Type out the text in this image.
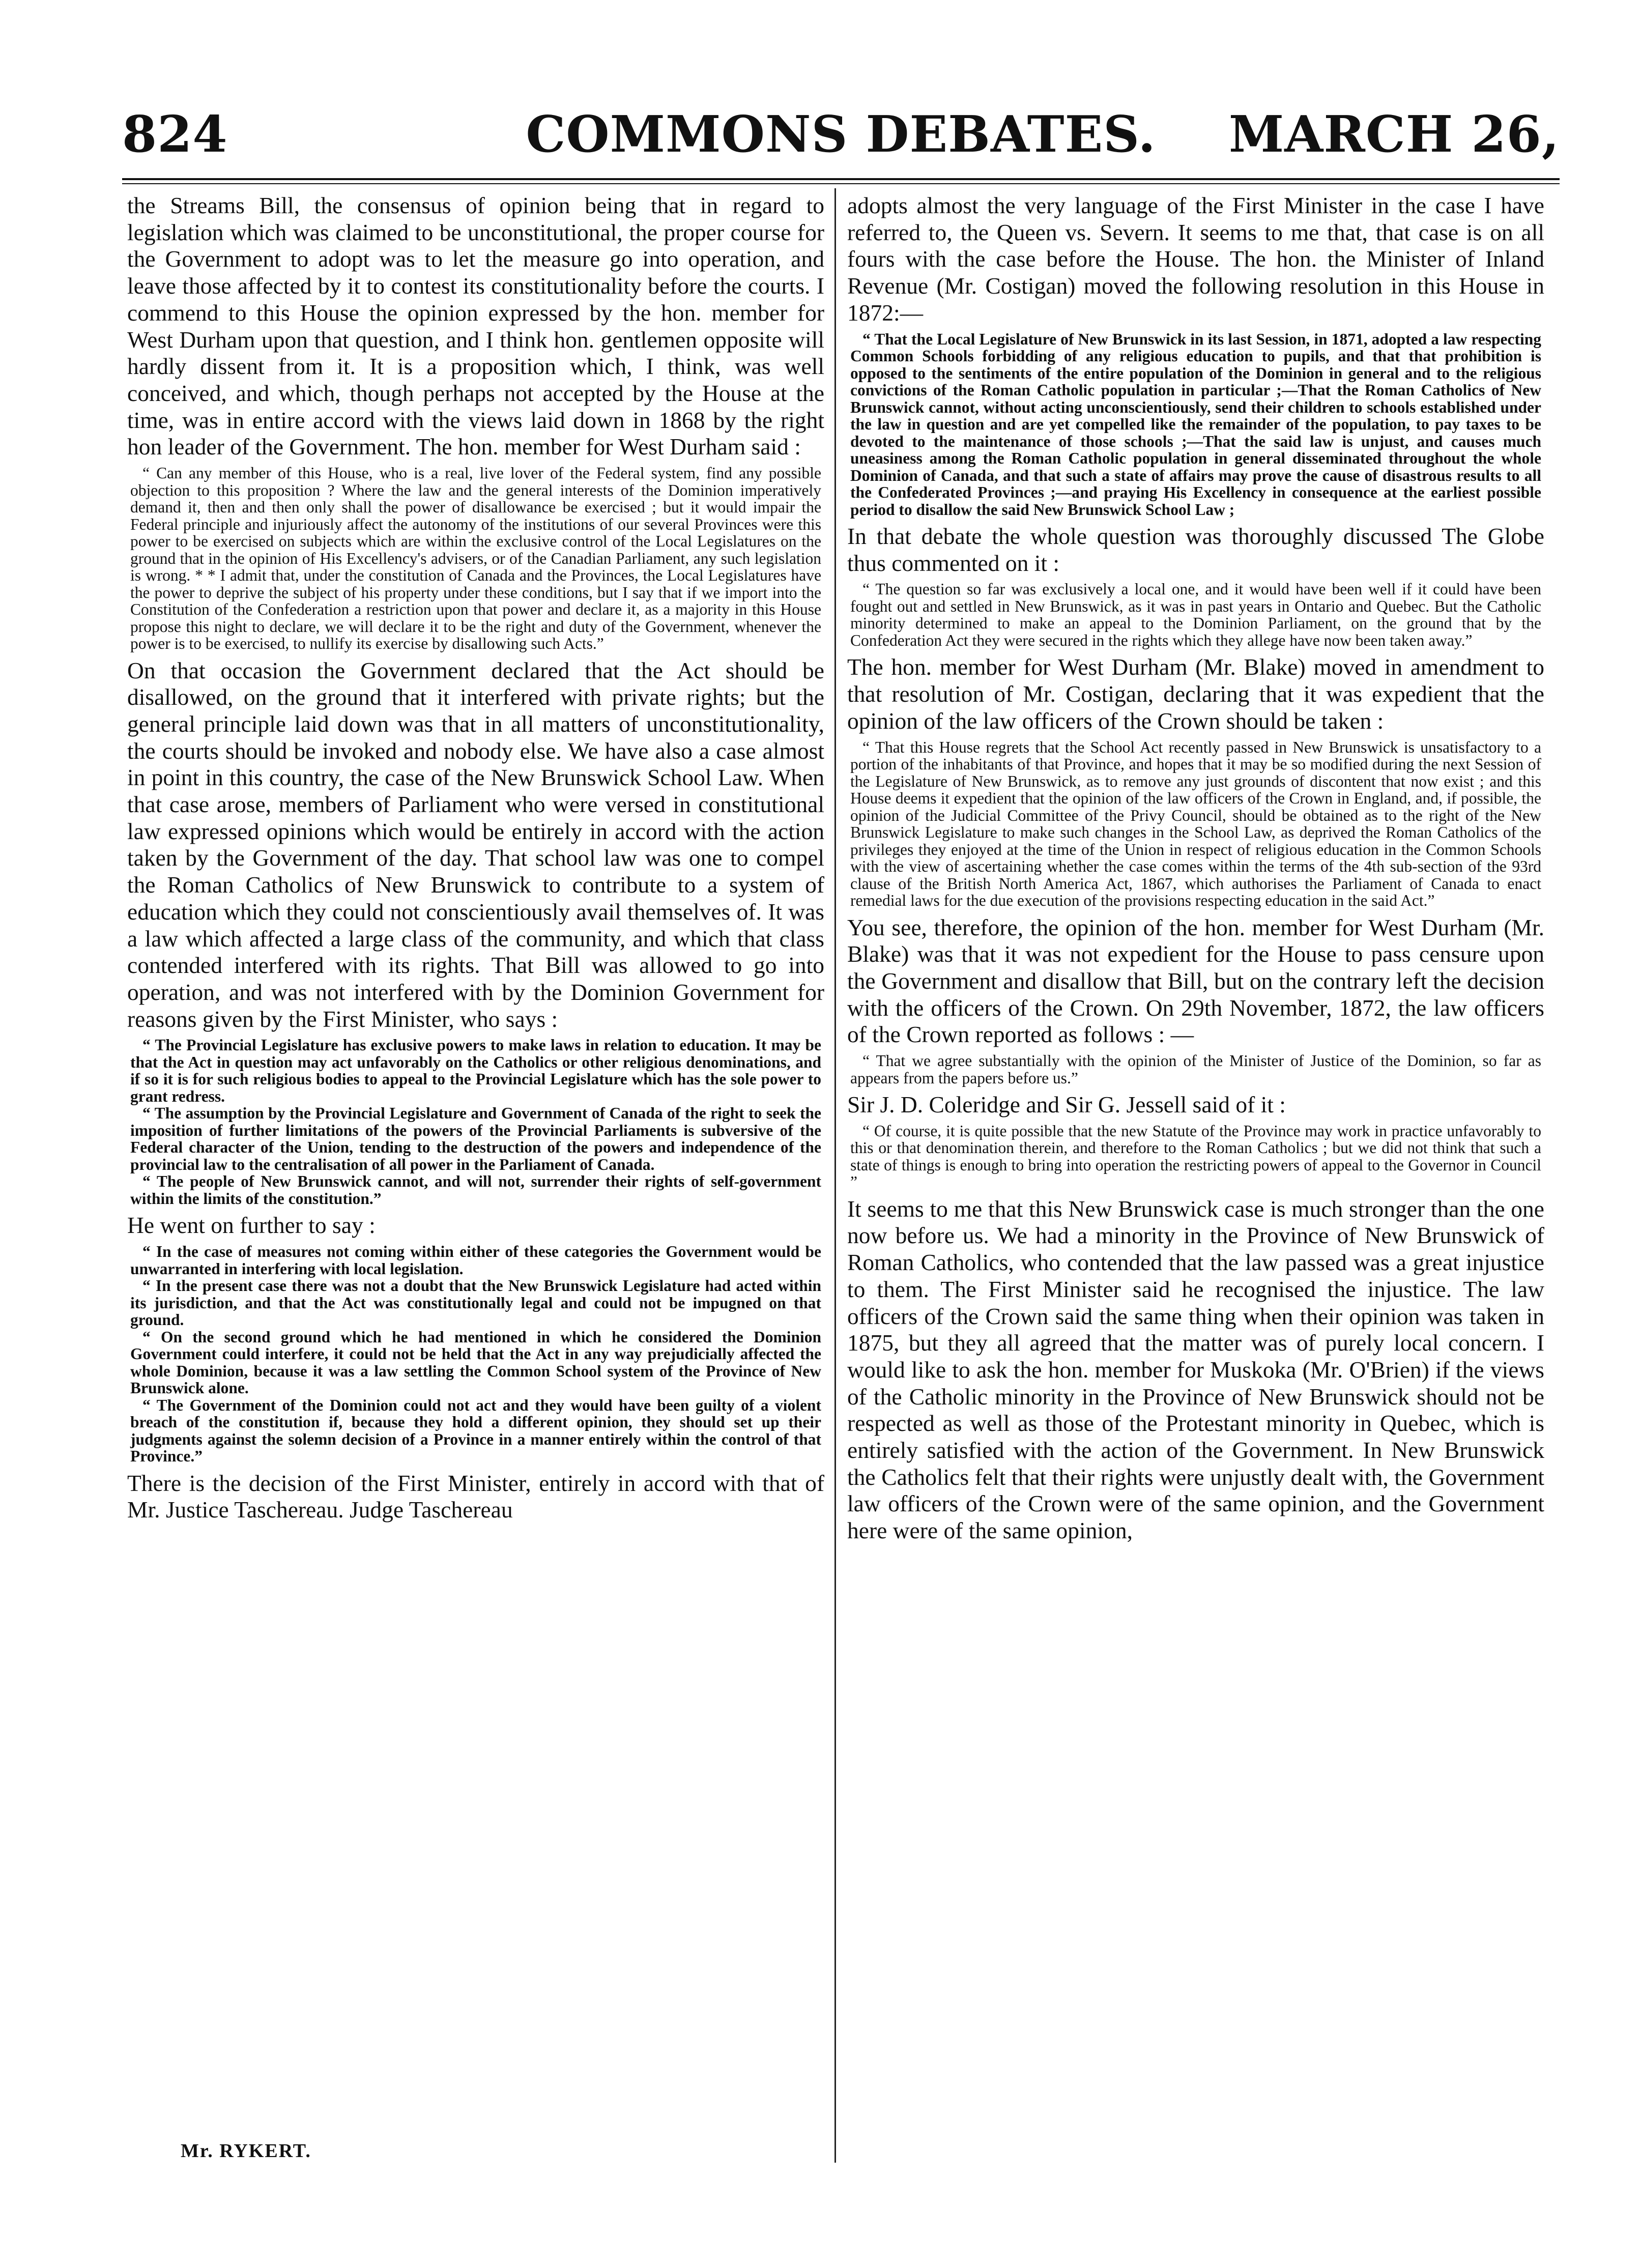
824	COMMONS DEBATES.	MARCH 26,

the Streams Bill, the consensus of opinion being that in regard to legislation which was claimed to be unconstitutional, the proper course for the Government to adopt was to let the measure go into operation, and leave those affected by it to contest its constitutionality before the courts. I commend to this House the opinion expressed by the hon. member for West Durham upon that question, and I think hon. gentlemen opposite will hardly dissent from it. It is a proposition which, I think, was well conceived, and which, though perhaps not accepted by the House at the time, was in entire accord with the views laid down in 1868 by the right hon leader of the Government. The hon. member for West Durham said :

“ Can any member of this House, who is a real, live lover of the Federal system, find any possible objection to this proposition ? Where the law and the general interests of the Dominion imperatively demand it, then and then only shall the power of disallowance be exercised ; but it would impair the Federal principle and injuriously affect the autonomy of the institutions of our several Provinces were this power to be exercised on subjects which are within the exclusive control of the Local Legislatures on the ground that in the opinion of His Excellency's advisers, or of the Canadian Parliament, any such legislation is wrong. * * I admit that, under the constitution of Canada and the Provinces, the Local Legislatures have the power to deprive the subject of his property under these conditions, but I say that if we import into the Constitution of the Confederation a restriction upon that power and declare it, as a majority in this House propose this night to declare, we will declare it to be the right and duty of the Government, whenever the power is to be exercised, to nullify its exercise by disallowing such Acts.”

On that occasion the Government declared that the Act should be disallowed, on the ground that it interfered with private rights; but the general principle laid down was that in all matters of unconstitutionality, the courts should be invoked and nobody else. We have also a case almost in point in this country, the case of the New Brunswick School Law. When that case arose, members of Parliament who were versed in constitutional law expressed opinions which would be entirely in accord with the action taken by the Government of the day. That school law was one to compel the Roman Catholics of New Brunswick to contribute to a system of education which they could not conscientiously avail themselves of. It was a law which affected a large class of the community, and which that class contended interfered with its rights. That Bill was allowed to go into operation, and was not interfered with by the Dominion Government for reasons given by the First Minister, who says :

“ The Provincial Legislature has exclusive powers to make laws in relation to education. It may be that the Act in question may act unfavorably on the Catholics or other religious denominations, and if so it is for such religious bodies to appeal to the Provincial Legislature which has the sole power to grant redress.

“ The assumption by the Provincial Legislature and Government of Canada of the right to seek the imposition of further limitations of the powers of the Provincial Parliaments is subversive of the Federal character of the Union, tending to the destruction of the powers and independence of the provincial law to the centralisation of all power in the Parliament of Canada.

“ The people of New Brunswick cannot, and will not, surrender their rights of self-government within the limits of the constitution.”

He went on further to say :

“ In the case of measures not coming within either of these categories the Government would be unwarranted in interfering with local legislation.

“ In the present case there was not a doubt that the New Brunswick Legislature had acted within its jurisdiction, and that the Act was constitutionally legal and could not be impugned on that ground.

“ On the second ground which he had mentioned in which he considered the Dominion Government could interfere, it could not be held that the Act in any way prejudicially affected the whole Dominion, because it was a law settling the Common School system of the Province of New Brunswick alone.

“ The Government of the Dominion could not act and they would have been guilty of a violent breach of the constitution if, because they hold a different opinion, they should set up their judgments against the solemn decision of a Province in a manner entirely within the control of that Province.”

There is the decision of the First Minister, entirely in accord with that of Mr. Justice Taschereau. Judge Taschereau

Mr. RYKERT.

adopts almost the very language of the First Minister in the case I have referred to, the Queen vs. Severn. It seems to me that, that case is on all fours with the case before the House. The hon. the Minister of Inland Revenue (Mr. Costigan) moved the following resolution in this House in 1872:—

“ That the Local Legislature of New Brunswick in its last Session, in 1871, adopted a law respecting Common Schools forbidding of any religious education to pupils, and that that prohibition is opposed to the sentiments of the entire population of the Dominion in general and to the religious convictions of the Roman Catholic population in particular ;—That the Roman Catholics of New Brunswick cannot, without acting unconscientiously, send their children to schools established under the law in question and are yet compelled like the remainder of the population, to pay taxes to be devoted to the maintenance of those schools ;—That the said law is unjust, and causes much uneasiness among the Roman Catholic population in general disseminated throughout the whole Dominion of Canada, and that such a state of affairs may prove the cause of disastrous results to all the Confederated Provinces ;—and praying His Excellency in consequence at the earliest possible period to disallow the said New Brunswick School Law ;

In that debate the whole question was thoroughly discussed The Globe thus commented on it :

“ The question so far was exclusively a local one, and it would have been well if it could have been fought out and settled in New Brunswick, as it was in past years in Ontario and Quebec. But the Catholic minority determined to make an appeal to the Dominion Parliament, on the ground that by the Confederation Act they were secured in the rights which they allege have now been taken away.”

The hon. member for West Durham (Mr. Blake) moved in amendment to that resolution of Mr. Costigan, declaring that it was expedient that the opinion of the law officers of the Crown should be taken :

“ That this House regrets that the School Act recently passed in New Brunswick is unsatisfactory to a portion of the inhabitants of that Province, and hopes that it may be so modified during the next Session of the Legislature of New Brunswick, as to remove any just grounds of discontent that now exist ; and this House deems it expedient that the opinion of the law officers of the Crown in England, and, if possible, the opinion of the Judicial Committee of the Privy Council, should be obtained as to the right of the New Brunswick Legislature to make such changes in the School Law, as deprived the Roman Catholics of the privileges they enjoyed at the time of the Union in respect of religious education in the Common Schools with the view of ascertaining whether the case comes within the terms of the 4th sub-section of the 93rd clause of the British North America Act, 1867, which authorises the Parliament of Canada to enact remedial laws for the due execution of the provisions respecting education in the said Act.”

You see, therefore, the opinion of the hon. member for West Durham (Mr. Blake) was that it was not expedient for the House to pass censure upon the Government and disallow that Bill, but on the contrary left the decision with the officers of the Crown. On 29th November, 1872, the law officers of the Crown reported as follows : —

“ That we agree substantially with the opinion of the Minister of Justice of the Dominion, so far as appears from the papers before us.”

Sir J. D. Coleridge and Sir G. Jessell said of it :

“ Of course, it is quite possible that the new Statute of the Province may work in practice unfavorably to this or that denomination therein, and therefore to the Roman Catholics ; but we did not think that such a state of things is enough to bring into operation the restricting powers of appeal to the Governor in Council ”

It seems to me that this New Brunswick case is much stronger than the one now before us. We had a minority in the Province of New Brunswick of Roman Catholics, who contended that the law passed was a great injustice to them. The First Minister said he recognised the injustice. The law officers of the Crown said the same thing when their opinion was taken in 1875, but they all agreed that the matter was of purely local concern. I would like to ask the hon. member for Muskoka (Mr. O'Brien) if the views of the Catholic minority in the Province of New Brunswick should not be respected as well as those of the Protestant minority in Quebec, which is entirely satisfied with the action of the Government. In New Brunswick the Catholics felt that their rights were unjustly dealt with, the Government law officers of the Crown were of the same opinion, and the Government here were of the same opinion,
